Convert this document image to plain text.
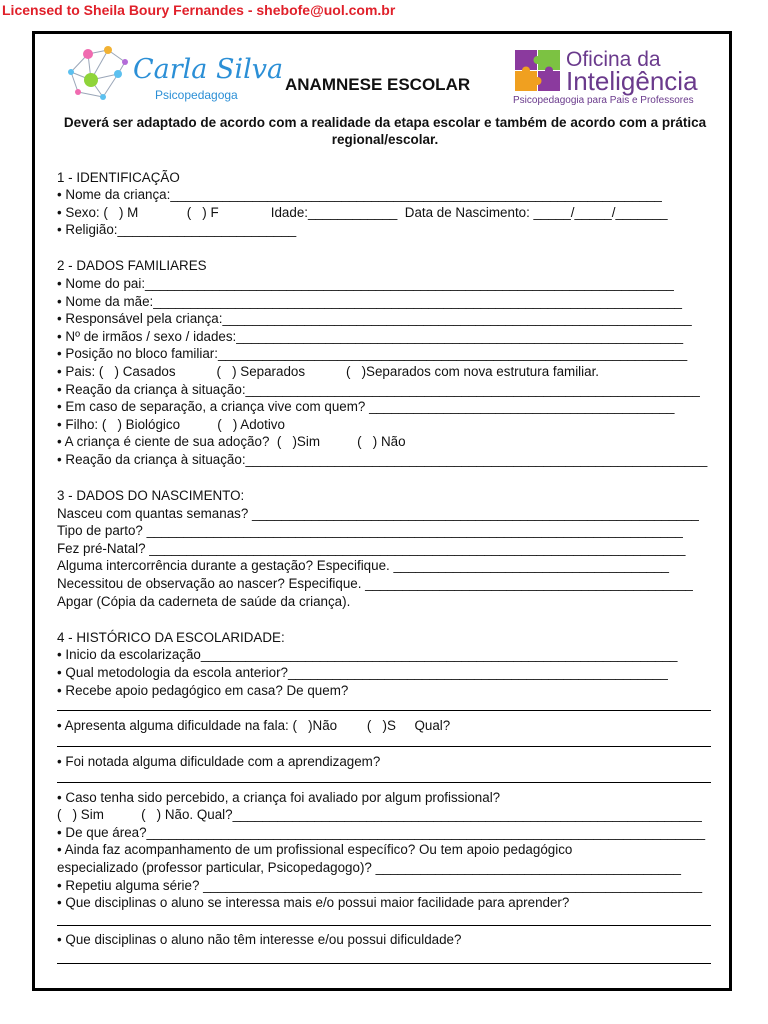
Licensed to Sheila Boury Fernandes - shebofe@uol.com.br
Carla Silva
Psicopedagoga
ANAMNESE ESCOLAR
Oficina da
Inteligência
Psicopedagogia para Pais e Professores
Deverá ser adaptado de acordo com a realidade da etapa escolar e também de acordo com a prática regional/escolar.
1 - IDENTIFICAÇÃO
• Nome da criança:__________________________________________________________________
• Sexo: (   ) M             (   ) F              Idade:____________  Data de Nascimento: _____/_____/_______
• Religião:________________________
2 - DADOS FAMILIARES
• Nome do pai:_______________________________________________________________________
• Nome da mãe:_______________________________________________________________________
• Responsável pela criança:_______________________________________________________________
• Nº de irmãos / sexo / idades:____________________________________________________________
• Posição no bloco familiar:_______________________________________________________________
• Pais: (   ) Casados           (   ) Separados           (   )Separados com nova estrutura familiar.
• Reação da criança à situação:_____________________________________________________________
• Em caso de separação, a criança vive com quem? _________________________________________
• Filho: (   ) Biológico          (   ) Adotivo
• A criança é ciente de sua adoção?  (   )Sim          (   ) Não
• Reação da criança à situação:______________________________________________________________
3 - DADOS DO NASCIMENTO:
Nasceu com quantas semanas? ____________________________________________________________
Tipo de parto? ________________________________________________________________________
Fez pré-Natal? ________________________________________________________________________
Alguma intercorrência durante a gestação? Especifique. _____________________________________
Necessitou de observação ao nascer? Especifique. ____________________________________________
Apgar (Cópia da caderneta de saúde da criança).
4 - HISTÓRICO DA ESCOLARIDADE:
• Inicio da escolarização________________________________________________________________
• Qual metodologia da escola anterior?___________________________________________________
• Recebe apoio pedagógico em casa? De quem?
• Apresenta alguma dificuldade na fala: (   )Não        (   )S     Qual?
• Foi notada alguma dificuldade com a aprendizagem?
• Caso tenha sido percebido, a criança foi avaliado por algum profissional?
(   ) Sim          (   ) Não. Qual?_______________________________________________________________
• De que área?___________________________________________________________________________
• Ainda faz acompanhamento de um profissional específico? Ou tem apoio pedagógico
especializado (professor particular, Psicopedagogo)? _________________________________________
• Repetiu alguma série? ___________________________________________________________________
• Que disciplinas o aluno se interessa mais e/o possui maior facilidade para aprender?
• Que disciplinas o aluno não têm interesse e/ou possui dificuldade?
